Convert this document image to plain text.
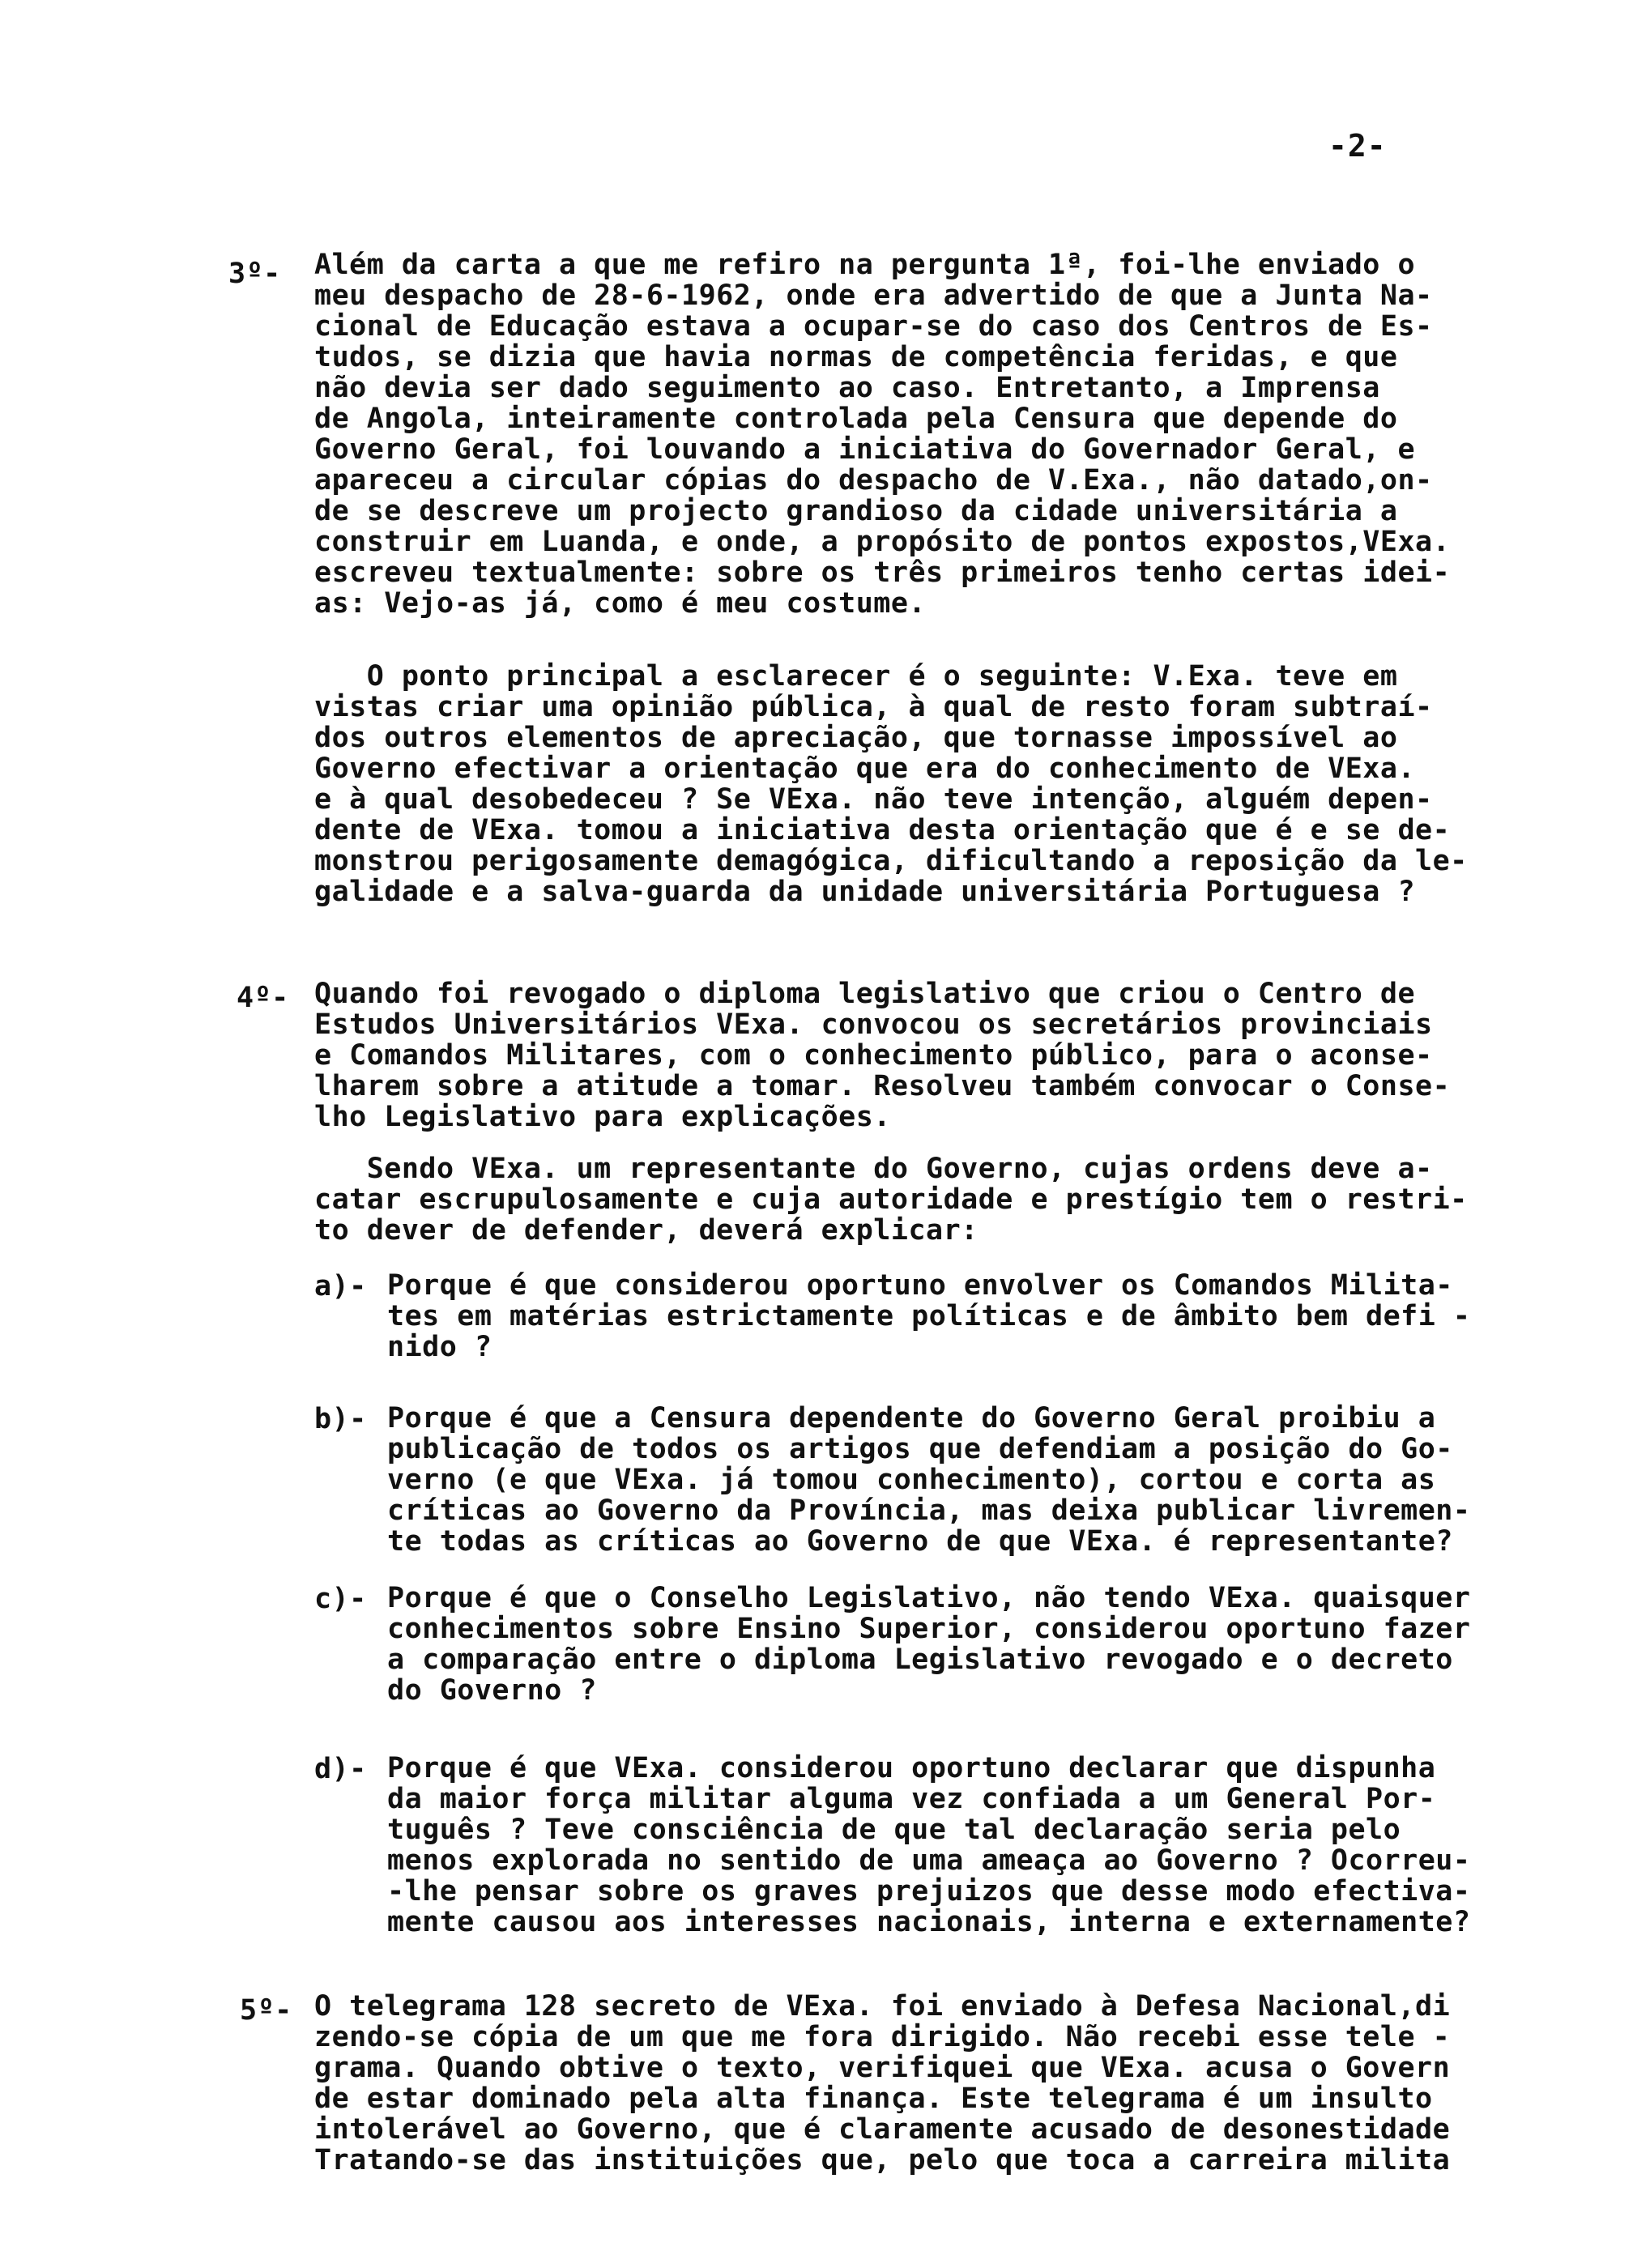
-2-
3º- Além da carta a que me refiro na pergunta 1ª, foi-lhe enviado o
meu despacho de 28-6-1962, onde era advertido de que a Junta Na-
cional de Educação estava a ocupar-se do caso dos Centros de Es-
tudos, se dizia que havia normas de competência feridas, e que
não devia ser dado seguimento ao caso. Entretanto, a Imprensa
de Angola, inteiramente controlada pela Censura que depende do
Governo Geral, foi louvando a iniciativa do Governador Geral, e
apareceu a circular cópias do despacho de V.Exa., não datado,on-
de se descreve um projecto grandioso da cidade universitária a
construir em Luanda, e onde, a propósito de pontos expostos,VExa.
escreveu textualmente: sobre os três primeiros tenho certas idei-
as: Vejo-as já, como é meu costume.
O ponto principal a esclarecer é o seguinte: V.Exa. teve em
vistas criar uma opinião pública, à qual de resto foram subtraí-
dos outros elementos de apreciação, que tornasse impossível ao
Governo efectivar a orientação que era do conhecimento de VExa.
e à qual desobedeceu ? Se VExa. não teve intenção, alguém depen-
dente de VExa. tomou a iniciativa desta orientação que é e se de-
monstrou perigosamente demagógica, dificultando a reposição da le-
galidade e a salva-guarda da unidade universitária Portuguesa ?
4º- Quando foi revogado o diploma legislativo que criou o Centro de
Estudos Universitários VExa. convocou os secretários provinciais
e Comandos Militares, com o conhecimento público, para o aconse-
lharem sobre a atitude a tomar. Resolveu também convocar o Conse-
lho Legislativo para explicações.
Sendo VExa. um representante do Governo, cujas ordens deve a-
catar escrupulosamente e cuja autoridade e prestígio tem o restri-
to dever de defender, deverá explicar:
a)- Porque é que considerou oportuno envolver os Comandos Milita-
tes em matérias estrictamente políticas e de âmbito bem defi -
nido ?
b)- Porque é que a Censura dependente do Governo Geral proibiu a
publicação de todos os artigos que defendiam a posição do Go-
verno (e que VExa. já tomou conhecimento), cortou e corta as
críticas ao Governo da Província, mas deixa publicar livremen-
te todas as críticas ao Governo de que VExa. é representante?
c)- Porque é que o Conselho Legislativo, não tendo VExa. quaisquer
conhecimentos sobre Ensino Superior, considerou oportuno fazer
a comparação entre o diploma Legislativo revogado e o decreto
do Governo ?
d)- Porque é que VExa. considerou oportuno declarar que dispunha
da maior força militar alguma vez confiada a um General Por-
tuguês ? Teve consciência de que tal declaração seria pelo
menos explorada no sentido de uma ameaça ao Governo ? Ocorreu-
-lhe pensar sobre os graves prejuizos que desse modo efectiva-
mente causou aos interesses nacionais, interna e externamente?
5º- O telegrama 128 secreto de VExa. foi enviado à Defesa Nacional,di
zendo-se cópia de um que me fora dirigido. Não recebi esse tele -
grama. Quando obtive o texto, verifiquei que VExa. acusa o Govern
de estar dominado pela alta finança. Este telegrama é um insulto
intolerável ao Governo, que é claramente acusado de desonestidade
Tratando-se das instituições que, pelo que toca a carreira milita
